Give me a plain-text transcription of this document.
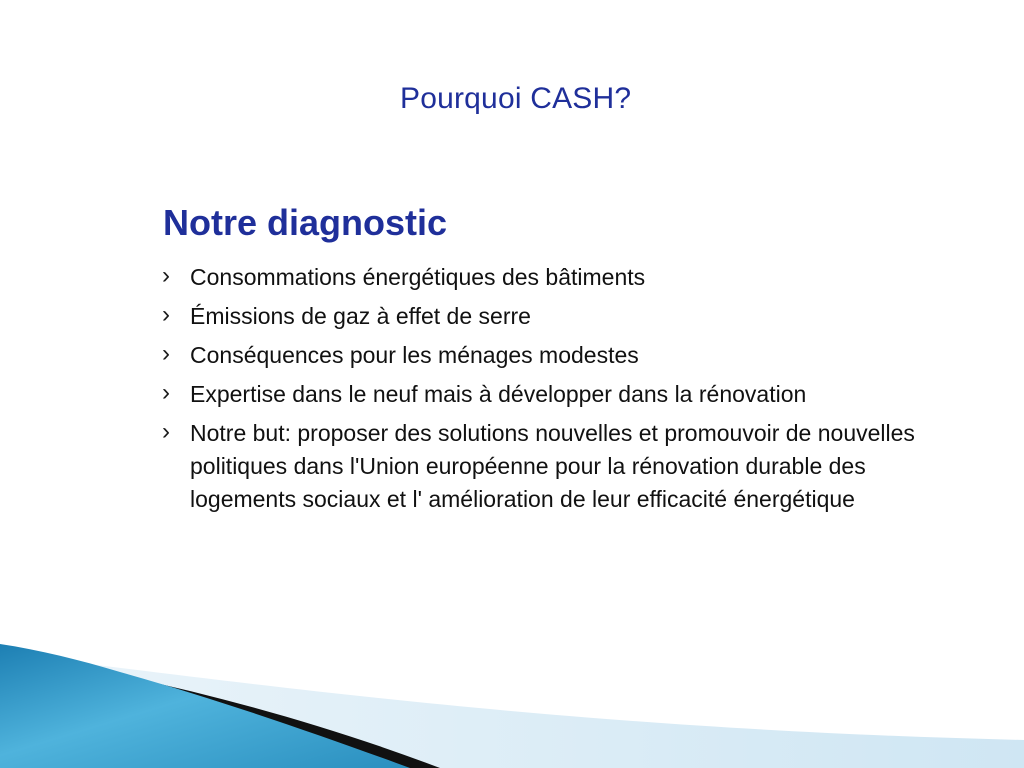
Pourquoi CASH?
Notre diagnostic
› Consommations énergétiques des bâtiments
› Émissions de gaz à effet de serre
› Conséquences pour les ménages modestes
› Expertise dans le neuf mais à développer dans la rénovation
› Notre but: proposer des solutions nouvelles et promouvoir de nouvelles politiques dans l'Union européenne pour la rénovation durable des logements sociaux et l' amélioration de leur efficacité énergétique
